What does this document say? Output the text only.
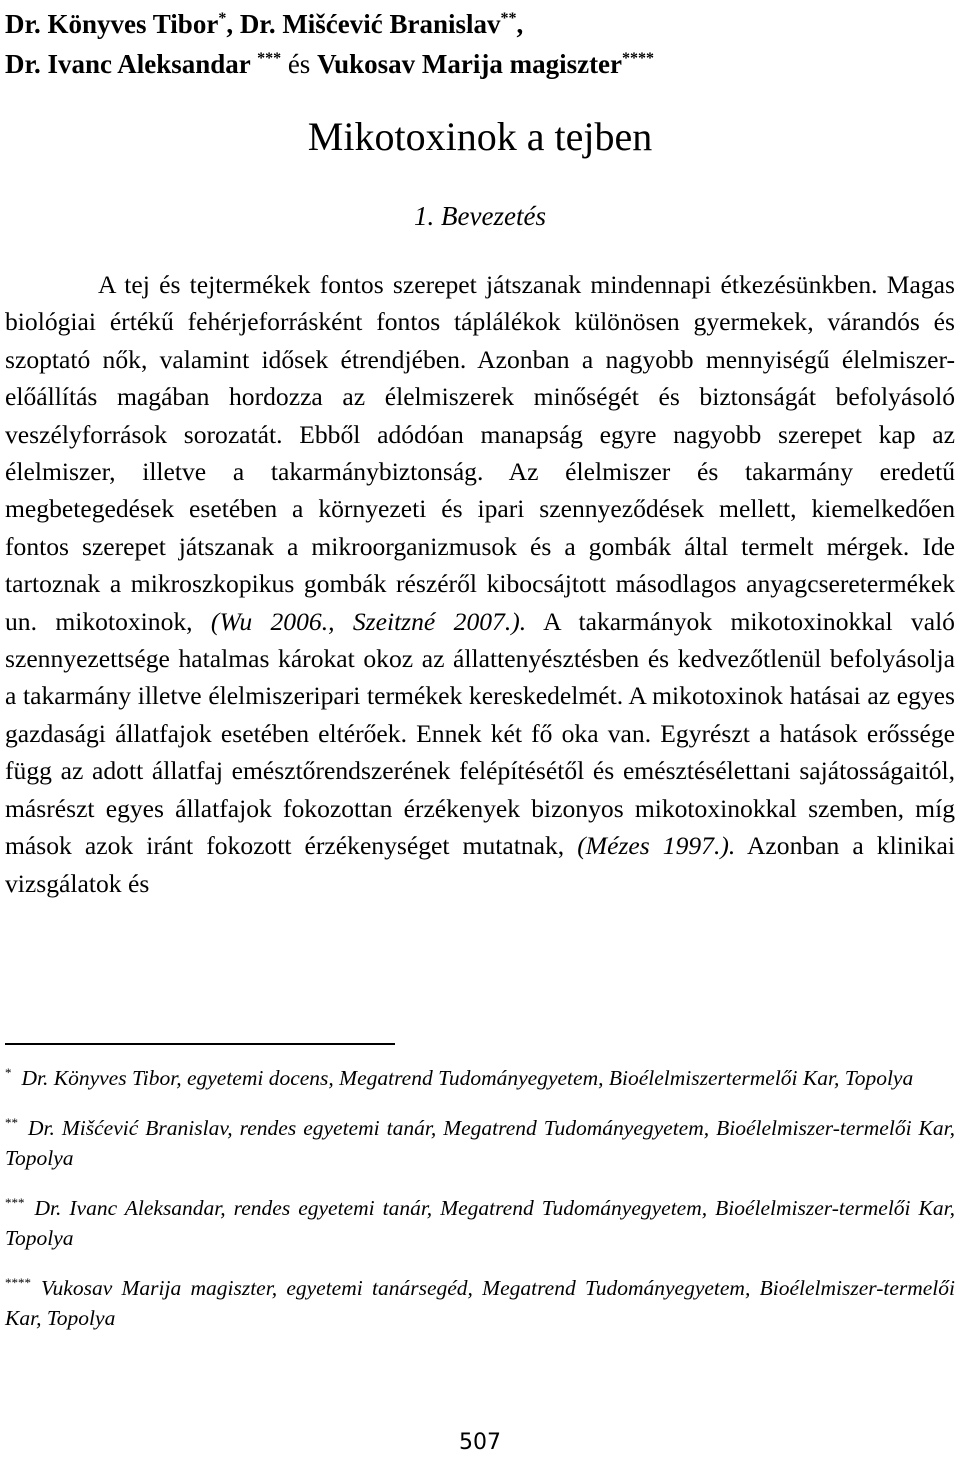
Dr. Könyves Tibor*, Dr. Mišćević Branislav**,
Dr. Ivanc Aleksandar *** és Vukosav Marija magiszter****
Mikotoxinok a tejben
1. Bevezetés

A tej és tejtermékek fontos szerepet játszanak mindennapi étkezésünkben. Magas biológiai értékű fehérjeforrásként fontos táplálékok különösen gyermekek, várandós és szoptató nők, valamint idősek étrendjében. Azonban a nagyobb mennyiségű élelmiszer-előállítás magában hordozza az élelmiszerek minőségét és biztonságát befolyásoló veszélyforrások sorozatát. Ebből adódóan manapság egyre nagyobb szerepet kap az élelmiszer, illetve a takarmánybiztonság. Az élelmiszer és takarmány eredetű megbetegedések esetében a környezeti és ipari szennyeződések mellett, kiemelkedően fontos szerepet játszanak a mikroorganizmusok és a gombák által termelt mérgek. Ide tartoznak a mikroszkopikus gombák részéről kibocsájtott másodlagos anyagcseretermékek un. mikotoxinok, (Wu 2006., Szeitzné 2007.). A takarmányok mikotoxinokkal való szennyezettsége hatalmas károkat okoz az állattenyésztésben és kedvezőtlenül befolyásolja a takarmány illetve élelmiszeripari termékek kereskedelmét. A mikotoxinok hatásai az egyes gazdasági állatfajok esetében eltérőek. Ennek két fő oka van. Egyrészt a hatások erőssége függ az adott állatfaj emésztőrendszerének felépítésétől és emésztésélettani sajátosságaitól, másrészt egyes állatfajok fokozottan érzékenyek bizonyos mikotoxinokkal szemben, míg mások azok iránt fokozott érzékenységet mutatnak, (Mézes 1997.). Azonban a klinikai vizsgálatok és

* Dr. Könyves Tibor, egyetemi docens, Megatrend Tudományegyetem, Bioélelmiszertermelői Kar, Topolya

** Dr. Mišćević Branislav, rendes egyetemi tanár, Megatrend Tudományegyetem, Bioélelmiszer-termelői Kar, Topolya

*** Dr. Ivanc Aleksandar, rendes egyetemi tanár, Megatrend Tudományegyetem, Bioélelmiszer-termelői Kar, Topolya

**** Vukosav Marija magiszter, egyetemi tanársegéd, Megatrend Tudományegyetem, Bioélelmiszer-termelői Kar, Topolya

507
